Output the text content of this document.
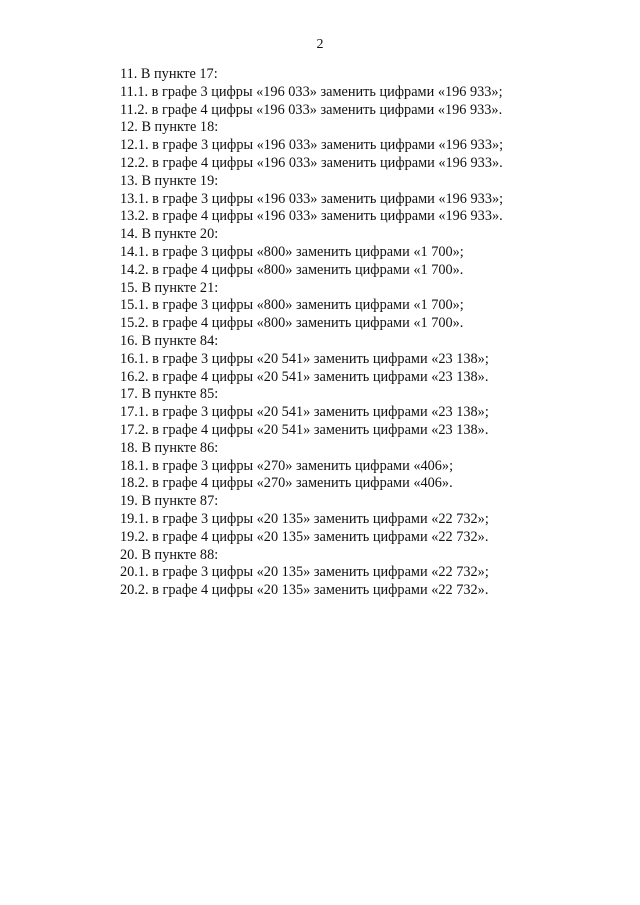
2

11. В пункте 17:

11.1. в графе 3 цифры «196 033» заменить цифрами «196 933»;

11.2. в графе 4 цифры «196 033» заменить цифрами «196 933».

12. В пункте 18:

12.1. в графе 3 цифры «196 033» заменить цифрами «196 933»;

12.2. в графе 4 цифры «196 033» заменить цифрами «196 933».

13. В пункте 19:

13.1. в графе 3 цифры «196 033» заменить цифрами «196 933»;

13.2. в графе 4 цифры «196 033» заменить цифрами «196 933».

14. В пункте 20:

14.1. в графе 3 цифры «800» заменить цифрами «1 700»;

14.2. в графе 4 цифры «800» заменить цифрами «1 700».

15. В пункте 21:

15.1. в графе 3 цифры «800» заменить цифрами «1 700»;

15.2. в графе 4 цифры «800» заменить цифрами «1 700».

16. В пункте 84:

16.1. в графе 3 цифры «20 541» заменить цифрами «23 138»;

16.2. в графе 4 цифры «20 541» заменить цифрами «23 138».

17. В пункте 85:

17.1. в графе 3 цифры «20 541» заменить цифрами «23 138»;

17.2. в графе 4 цифры «20 541» заменить цифрами «23 138».

18. В пункте 86:

18.1. в графе 3 цифры «270» заменить цифрами «406»;

18.2. в графе 4 цифры «270» заменить цифрами «406».

19. В пункте 87:

19.1. в графе 3 цифры «20 135» заменить цифрами «22 732»;

19.2. в графе 4 цифры «20 135» заменить цифрами «22 732».

20. В пункте 88:

20.1. в графе 3 цифры «20 135» заменить цифрами «22 732»;

20.2. в графе 4 цифры «20 135» заменить цифрами «22 732».
